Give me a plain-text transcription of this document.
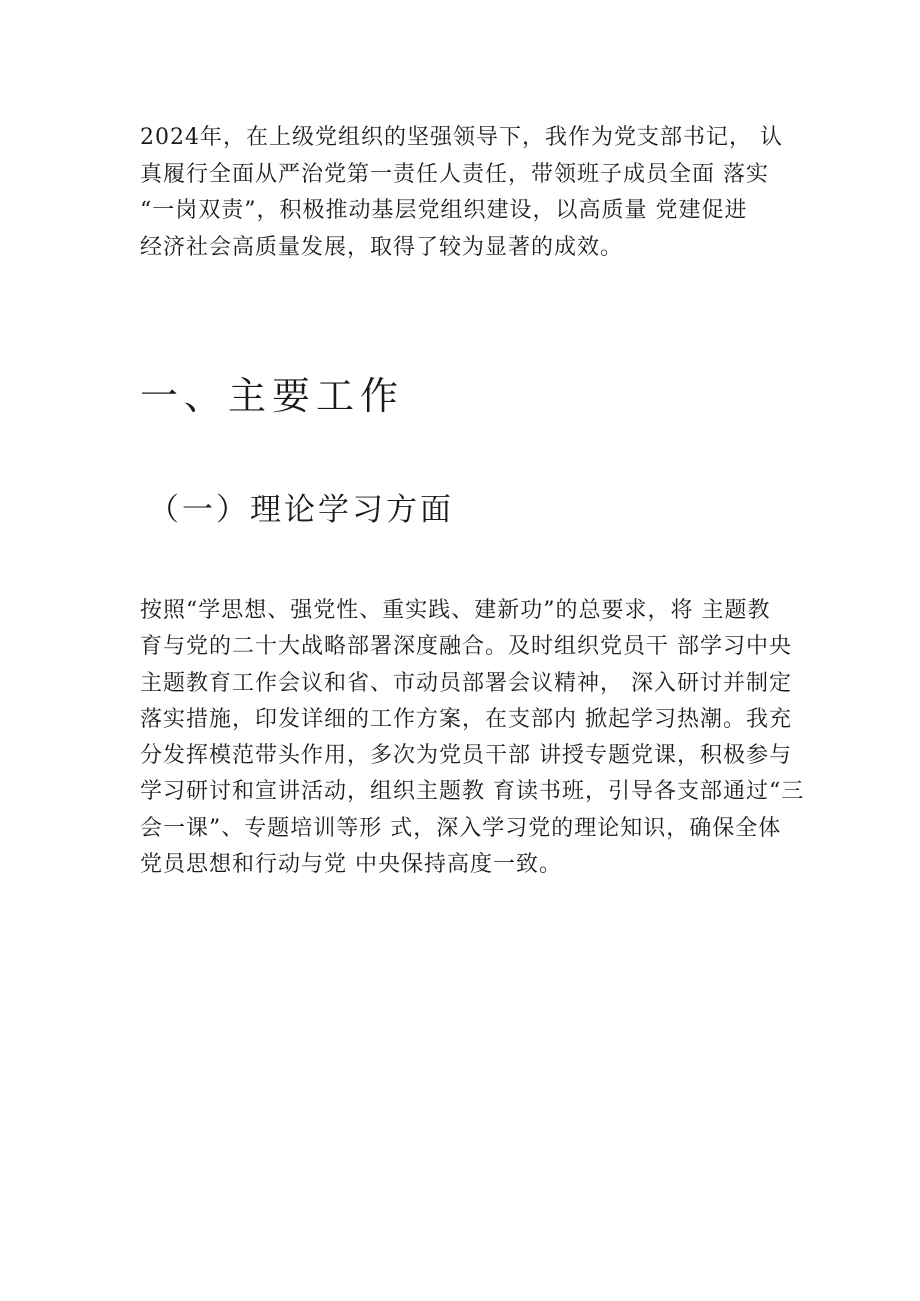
2024年，在上级党组织的坚强领导下，我作为党支部书记， 认
真履行全面从严治党第一责任人责任，带领班子成员全面 落实
“一岗双责”，积极推动基层党组织建设，以高质量 党建促进
经济社会高质量发展，取得了较为显著的成效。

一、主要工作
（一）理论学习方面

按照“学思想、强党性、重实践、建新功”的总要求，将 主题教
育与党的二十大战略部署深度融合。及时组织党员干 部学习中央
主题教育工作会议和省、市动员部署会议精神， 深入研讨并制定
落实措施，印发详细的工作方案，在支部内 掀起学习热潮。我充
分发挥模范带头作用，多次为党员干部 讲授专题党课，积极参与
学习研讨和宣讲活动，组织主题教 育读书班，引导各支部通过“三
会一课”、专题培训等形 式，深入学习党的理论知识，确保全体
党员思想和行动与党 中央保持高度一致。
